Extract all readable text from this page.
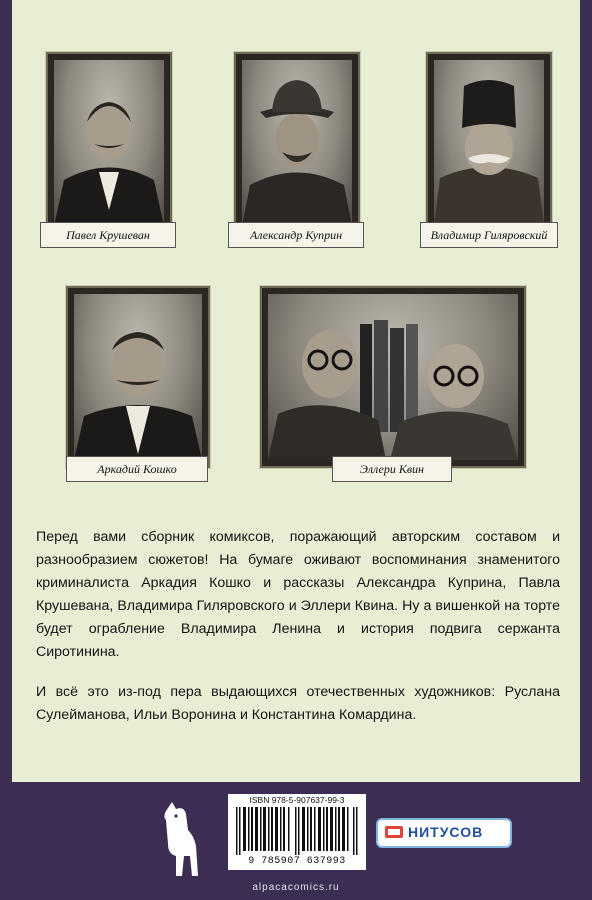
Павел Крушеван	Александр Куприн	Владимир Гиляровский
Аркадий Кошко	Эллери Квин

Перед вами сборник комиксов, поражающий авторским составом и разнообразием сюжетов! На бумаге оживают воспоминания знаменитого криминалиста Аркадия Кошко и рассказы Александра Куприна, Павла Крушевана, Владимира Гиляровского и Эллери Квина. Ну а вишенкой на торте будет ограбление Владимира Ленина и история подвига сержанта Сиротинина.

И всё это из-под пера выдающихся отечественных художников: Руслана Сулейманова, Ильи Воронина и Константина Комардина.

ISBN 978-5-907637-99-3
9 785907 637993
НИТУСОВ
alpacacomics.ru
